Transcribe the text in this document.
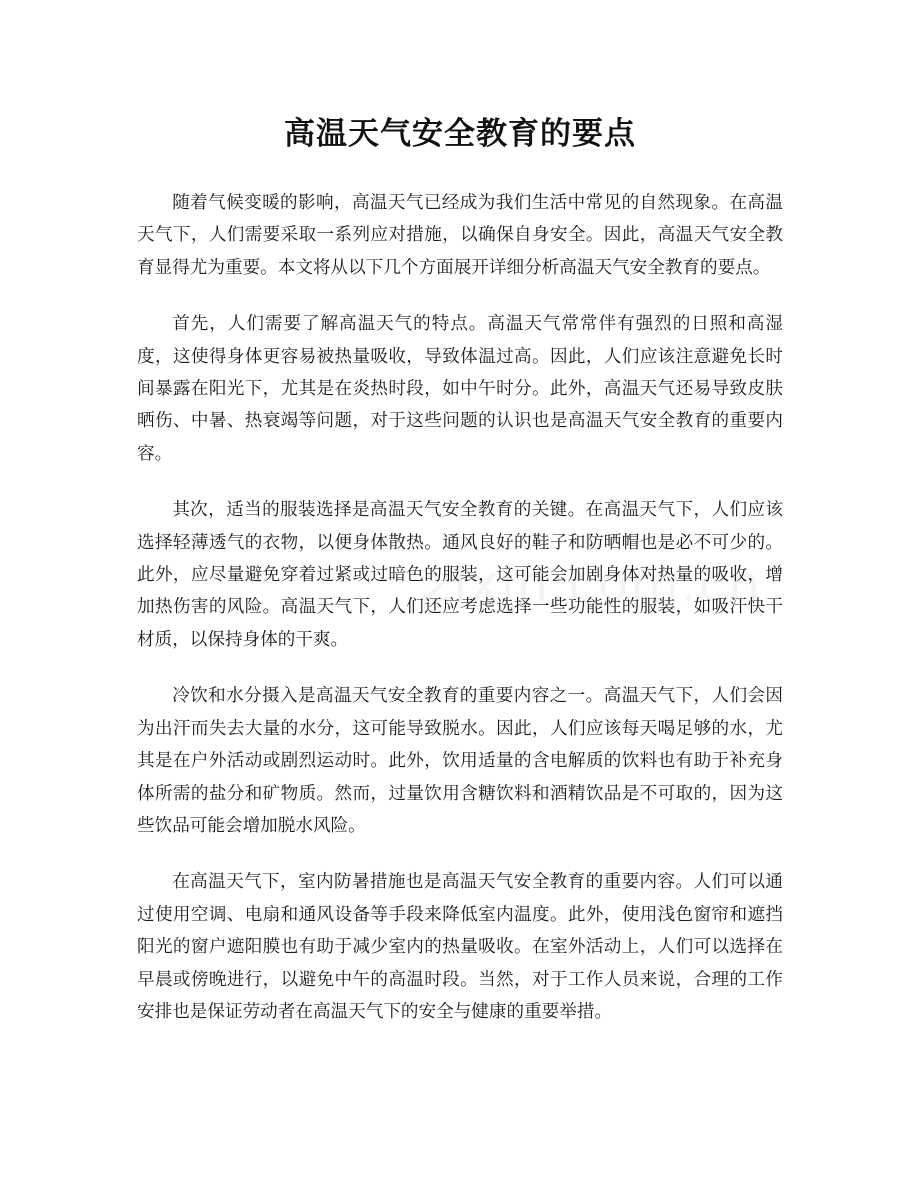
高温天气安全教育的要点

随着气候变暖的影响，高温天气已经成为我们生活中常见的自然现象。在高温天气下，人们需要采取一系列应对措施，以确保自身安全。因此，高温天气安全教育显得尤为重要。本文将从以下几个方面展开详细分析高温天气安全教育的要点。

首先，人们需要了解高温天气的特点。高温天气常常伴有强烈的日照和高湿度，这使得身体更容易被热量吸收，导致体温过高。因此，人们应该注意避免长时间暴露在阳光下，尤其是在炎热时段，如中午时分。此外，高温天气还易导致皮肤晒伤、中暑、热衰竭等问题，对于这些问题的认识也是高温天气安全教育的重要内容。

其次，适当的服装选择是高温天气安全教育的关键。在高温天气下，人们应该选择轻薄透气的衣物，以便身体散热。通风良好的鞋子和防晒帽也是必不可少的。此外，应尽量避免穿着过紧或过暗色的服装，这可能会加剧身体对热量的吸收，增加热伤害的风险。高温天气下，人们还应考虑选择一些功能性的服装，如吸汗快干材质，以保持身体的干爽。

冷饮和水分摄入是高温天气安全教育的重要内容之一。高温天气下，人们会因为出汗而失去大量的水分，这可能导致脱水。因此，人们应该每天喝足够的水，尤其是在户外活动或剧烈运动时。此外，饮用适量的含电解质的饮料也有助于补充身体所需的盐分和矿物质。然而，过量饮用含糖饮料和酒精饮品是不可取的，因为这些饮品可能会增加脱水风险。

在高温天气下，室内防暑措施也是高温天气安全教育的重要内容。人们可以通过使用空调、电扇和通风设备等手段来降低室内温度。此外，使用浅色窗帘和遮挡阳光的窗户遮阳膜也有助于减少室内的热量吸收。在室外活动上，人们可以选择在早晨或傍晚进行，以避免中午的高温时段。当然，对于工作人员来说，合理的工作安排也是保证劳动者在高温天气下的安全与健康的重要举措。
